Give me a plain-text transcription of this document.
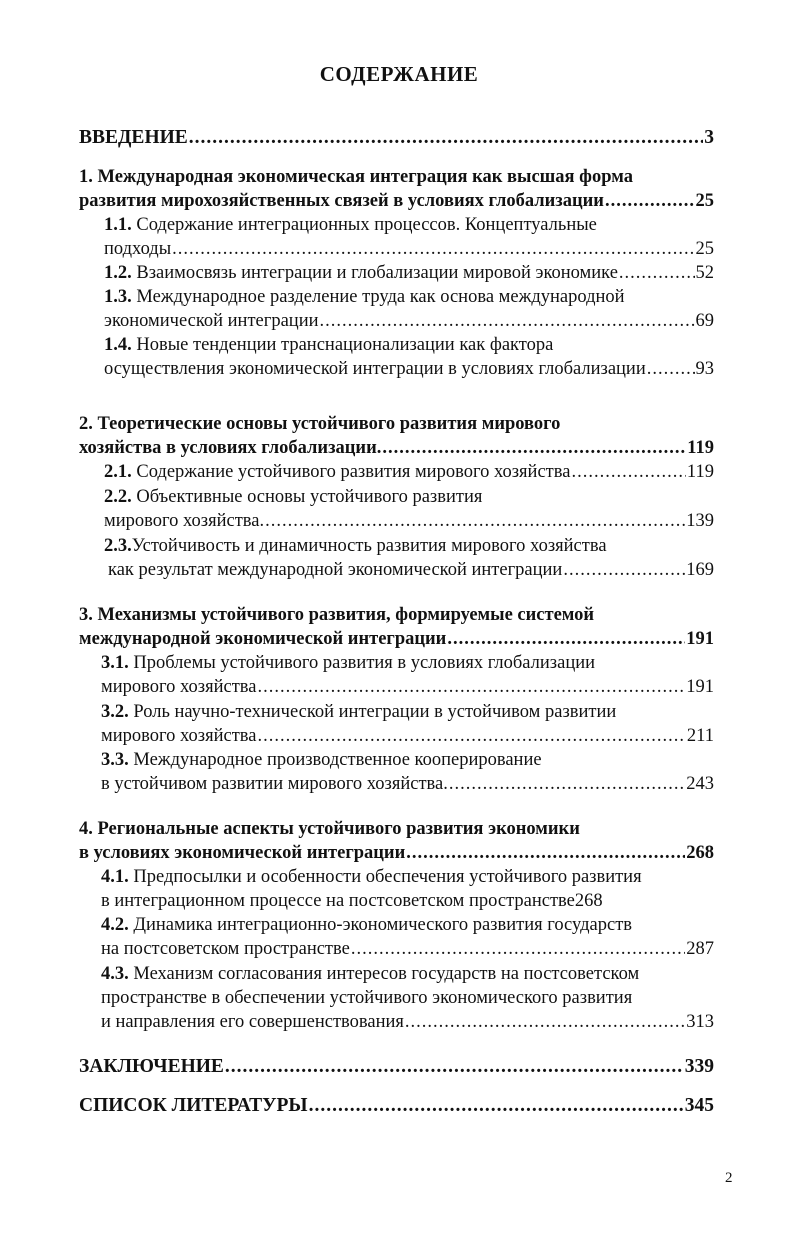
СОДЕРЖАНИЕ
ВВЕДЕНИЕ .....	3
1. Международная экономическая интеграция как высшая форма
развития мирохозяйственных связей в условиях глобализации .....	25
1.1. Содержание интеграционных процессов. Концептуальные
подходы .....	25
1.2. Взаимосвязь интеграции и глобализации мировой экономике .....	52
1.3. Международное разделение труда как основа международной
экономической интеграции .....	69
1.4. Новые тенденции транснационализации как фактора
осуществления экономической интеграции в условиях глобализации .....	93
2. Теоретические основы устойчивого развития мирового
хозяйства в условиях глобализации. .....	119
2.1. Содержание устойчивого развития мирового хозяйства .....	119
2.2. Объективные основы устойчивого развития
мирового хозяйства. .....	139
2.3.Устойчивость и динамичность развития мирового хозяйства
как результат международной экономической интеграции .....	169
3. Механизмы устойчивого развития, формируемые системой
международной экономической интеграции .....	191
3.1. Проблемы устойчивого развития в условиях глобализации
мирового хозяйства .....	191
3.2. Роль научно-технической интеграции в устойчивом развитии
мирового хозяйства .....	211
3.3. Международное производственное кооперирование
в устойчивом развитии мирового хозяйства. .....	243
4. Региональные аспекты устойчивого развития экономики
в условиях экономической интеграции .....	268
4.1. Предпосылки и особенности обеспечения устойчивого развития
в интеграционном процессе на постсоветском пространстве268
4.2. Динамика интеграционно-экономического развития государств
на постсоветском пространстве .....	287
4.3. Механизм согласования интересов государств на постсоветском
пространстве в обеспечении устойчивого экономического развития
и направления его совершенствования .....	313
ЗАКЛЮЧЕНИЕ .....	339
СПИСОК ЛИТЕРАТУРЫ .....	345
2
